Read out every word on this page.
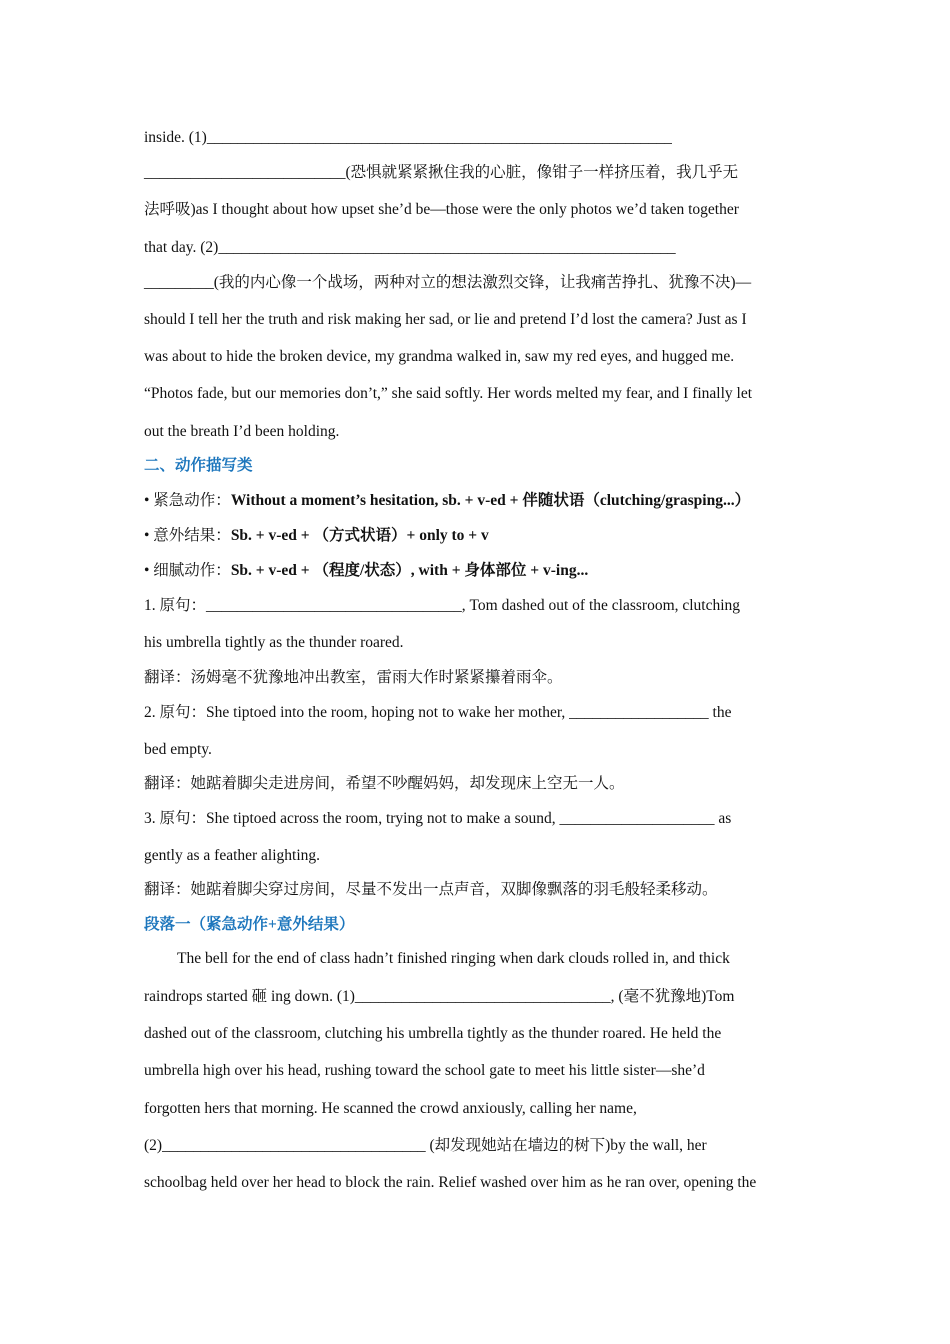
inside. (1)____________________________________________________________
__________________________(恐惧就紧紧揪住我的心脏，像钳子一样挤压着，我几乎无
法呼吸)as I thought about how upset she’d be—those were the only photos we’d taken together
that day. (2)___________________________________________________________
_________(我的内心像一个战场，两种对立的想法激烈交锋，让我痛苦挣扎、犹豫不决)—
should I tell her the truth and risk making her sad, or lie and pretend I’d lost the camera? Just as I
was about to hide the broken device, my grandma walked in, saw my red eyes, and hugged me.
“Photos fade, but our memories don’t,” she said softly. Her words melted my fear, and I finally let
out the breath I’d been holding.
二、动作描写类
• 紧急动作：Without a moment’s hesitation, sb. + v-ed + 伴随状语（clutching/grasping...）
• 意外结果：Sb. + v-ed + （方式状语）+ only to + v
• 细腻动作：Sb. + v-ed + （程度/状态）, with + 身体部位 + v-ing...
1. 原句：_________________________________, Tom dashed out of the classroom, clutching
his umbrella tightly as the thunder roared.
翻译：汤姆毫不犹豫地冲出教室，雷雨大作时紧紧攥着雨伞。
2. 原句：She tiptoed into the room, hoping not to wake her mother, __________________ the
bed empty.
翻译：她踮着脚尖走进房间，希望不吵醒妈妈，却发现床上空无一人。
3. 原句：She tiptoed across the room, trying not to make a sound, ____________________ as
gently as a feather alighting.
翻译：她踮着脚尖穿过房间，尽量不发出一点声音，双脚像飘落的羽毛般轻柔移动。
段落一（紧急动作+意外结果）
The bell for the end of class hadn’t finished ringing when dark clouds rolled in, and thick
raindrops started 砸 ing down. (1)_________________________________, (毫不犹豫地)Tom
dashed out of the classroom, clutching his umbrella tightly as the thunder roared. He held the
umbrella high over his head, rushing toward the school gate to meet his little sister—she’d
forgotten hers that morning. He scanned the crowd anxiously, calling her name,
(2)__________________________________ (却发现她站在墙边的树下)by the wall, her
schoolbag held over her head to block the rain. Relief washed over him as he ran over, opening the
